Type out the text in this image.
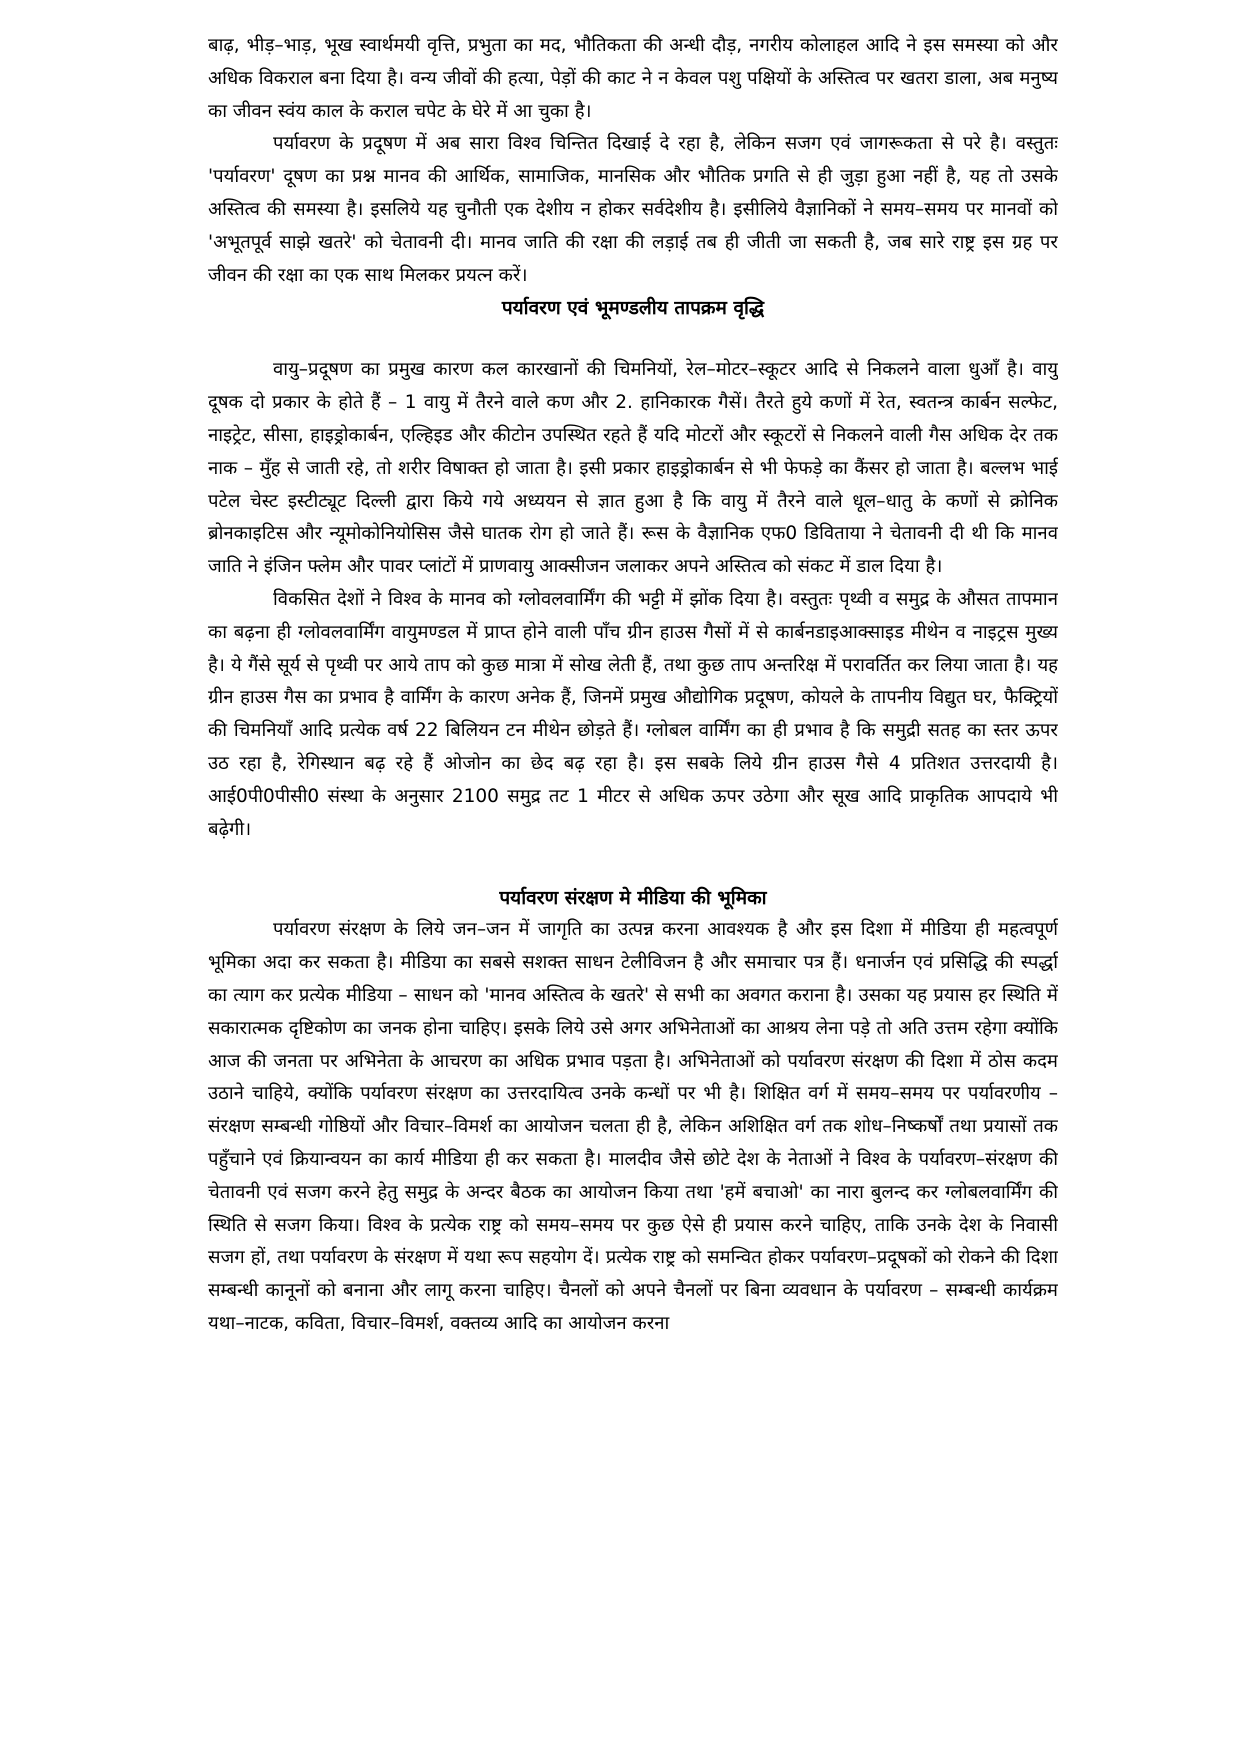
बाढ़, भीड़–भाड़, भूख स्वार्थमयी वृत्ति, प्रभुता का मद, भौतिकता की अन्धी दौड़, नगरीय कोलाहल आदि ने इस समस्या को और अधिक विकराल बना दिया है। वन्य जीवों की हत्या, पेड़ों की काट ने न केवल पशु पक्षियों के अस्तित्व पर खतरा डाला, अब मनुष्य का जीवन स्वंय काल के कराल चपेट के घेरे में आ चुका है।

पर्यावरण के प्रदूषण में अब सारा विश्व चिन्तित दिखाई दे रहा है, लेकिन सजग एवं जागरूकता से परे है। वस्तुतः 'पर्यावरण' दूषण का प्रश्न मानव की आर्थिक, सामाजिक, मानसिक और भौतिक प्रगति से ही जुड़ा हुआ नहीं है, यह तो उसके अस्तित्व की समस्या है। इसलिये यह चुनौती एक देशीय न होकर सर्वदेशीय है। इसीलिये वैज्ञानिकों ने समय–समय पर मानवों को 'अभूतपूर्व साझे खतरे' को चेतावनी दी। मानव जाति की रक्षा की लड़ाई तब ही जीती जा सकती है, जब सारे राष्ट्र इस ग्रह पर जीवन की रक्षा का एक साथ मिलकर प्रयत्न करें।

पर्यावरण एवं भूमण्डलीय तापक्रम वृद्धि

वायु–प्रदूषण का प्रमुख कारण कल कारखानों की चिमनियों, रेल–मोटर–स्कूटर आदि से निकलने वाला धुआँ है। वायु दूषक दो प्रकार के होते हैं – 1 वायु में तैरने वाले कण और 2. हानिकारक गैसें। तैरते हुये कणों में रेत, स्वतन्त्र कार्बन सल्फेट, नाइट्रेट, सीसा, हाइड्रोकार्बन, एल्हिइड और कीटोन उपस्थित रहते हैं यदि मोटरों और स्कूटरों से निकलने वाली गैस अधिक देर तक नाक – मुँह से जाती रहे, तो शरीर विषाक्त हो जाता है। इसी प्रकार हाइड्रोकार्बन से भी फेफड़े का कैंसर हो जाता है। बल्लभ भाई पटेल चेस्ट इस्टीट्यूट दिल्ली द्वारा किये गये अध्ययन से ज्ञात हुआ है कि वायु में तैरने वाले धूल–धातु के कणों से क्रोनिक ब्रोनकाइटिस और न्यूमोकोनियोसिस जैसे घातक रोग हो जाते हैं। रूस के वैज्ञानिक एफ0 डिविताया ने चेतावनी दी थी कि मानव जाति ने इंजिन फ्लेम और पावर प्लांटों में प्राणवायु आक्सीजन जलाकर अपने अस्तित्व को संकट में डाल दिया है।

विकसित देशों ने विश्व के मानव को ग्लोवलवार्मिंग की भट्टी में झोंक दिया है। वस्तुतः पृथ्वी व समुद्र के औसत तापमान का बढ़ना ही ग्लोवलवार्मिंग वायुमण्डल में प्राप्त होने वाली पाँच ग्रीन हाउस गैसों में से कार्बनडाइआक्साइड मीथेन व नाइट्रस मुख्य है। ये गैंसे सूर्य से पृथ्वी पर आये ताप को कुछ मात्रा में सोख लेती हैं, तथा कुछ ताप अन्तरिक्ष में परावर्तित कर लिया जाता है। यह ग्रीन हाउस गैस का प्रभाव है वार्मिंग के कारण अनेक हैं, जिनमें प्रमुख औद्योगिक प्रदूषण, कोयले के तापनीय विद्युत घर, फैक्ट्रियों की चिमनियाँ आदि प्रत्येक वर्ष 22 बिलियन टन मीथेन छोड़ते हैं। ग्लोबल वार्मिंग का ही प्रभाव है कि समुद्री सतह का स्तर ऊपर उठ रहा है, रेगिस्थान बढ़ रहे हैं ओजोन का छेद बढ़ रहा है। इस सबके लिये ग्रीन हाउस गैसे 4 प्रतिशत उत्तरदायी है। आई0पी0पीसी0 संस्था के अनुसार 2100 समुद्र तट 1 मीटर से अधिक ऊपर उठेगा और सूख आदि प्राकृतिक आपदाये भी बढ़ेगी।

पर्यावरण संरक्षण मे मीडिया की भूमिका

पर्यावरण संरक्षण के लिये जन–जन में जागृति का उत्पन्न करना आवश्यक है और इस दिशा में मीडिया ही महत्वपूर्ण भूमिका अदा कर सकता है। मीडिया का सबसे सशक्त साधन टेलीविजन है और समाचार पत्र हैं। धनार्जन एवं प्रसिद्धि की स्पर्द्धा का त्याग कर प्रत्येक मीडिया – साधन को 'मानव अस्तित्व के खतरे' से सभी का अवगत कराना है। उसका यह प्रयास हर स्थिति में सकारात्मक दृष्टिकोण का जनक होना चाहिए। इसके लिये उसे अगर अभिनेताओं का आश्रय लेना पड़े तो अति उत्तम रहेगा क्योंकि आज की जनता पर अभिनेता के आचरण का अधिक प्रभाव पड़ता है। अभिनेताओं को पर्यावरण संरक्षण की दिशा में ठोस कदम उठाने चाहिये, क्योंकि पर्यावरण संरक्षण का उत्तरदायित्व उनके कन्धों पर भी है। शिक्षित वर्ग में समय–समय पर पर्यावरणीय – संरक्षण सम्बन्धी गोष्ठियों और विचार–विमर्श का आयोजन चलता ही है, लेकिन अशिक्षित वर्ग तक शोध–निष्कर्षों तथा प्रयासों तक पहुँचाने एवं क्रियान्वयन का कार्य मीडिया ही कर सकता है। मालदीव जैसे छोटे देश के नेताओं ने विश्व के पर्यावरण–संरक्षण की चेतावनी एवं सजग करने हेतु समुद्र के अन्दर बैठक का आयोजन किया तथा 'हमें बचाओ' का नारा बुलन्द कर ग्लोबलवार्मिंग की स्थिति से सजग किया। विश्व के प्रत्येक राष्ट्र को समय–समय पर कुछ ऐसे ही प्रयास करने चाहिए, ताकि उनके देश के निवासी सजग हों, तथा पर्यावरण के संरक्षण में यथा रूप सहयोग दें। प्रत्येक राष्ट्र को समन्वित होकर पर्यावरण–प्रदूषकों को रोकने की दिशा सम्बन्धी कानूनों को बनाना और लागू करना चाहिए। चैनलों को अपने चैनलों पर बिना व्यवधान के पर्यावरण – सम्बन्धी कार्यक्रम यथा–नाटक, कविता, विचार–विमर्श, वक्तव्य आदि का आयोजन करना
